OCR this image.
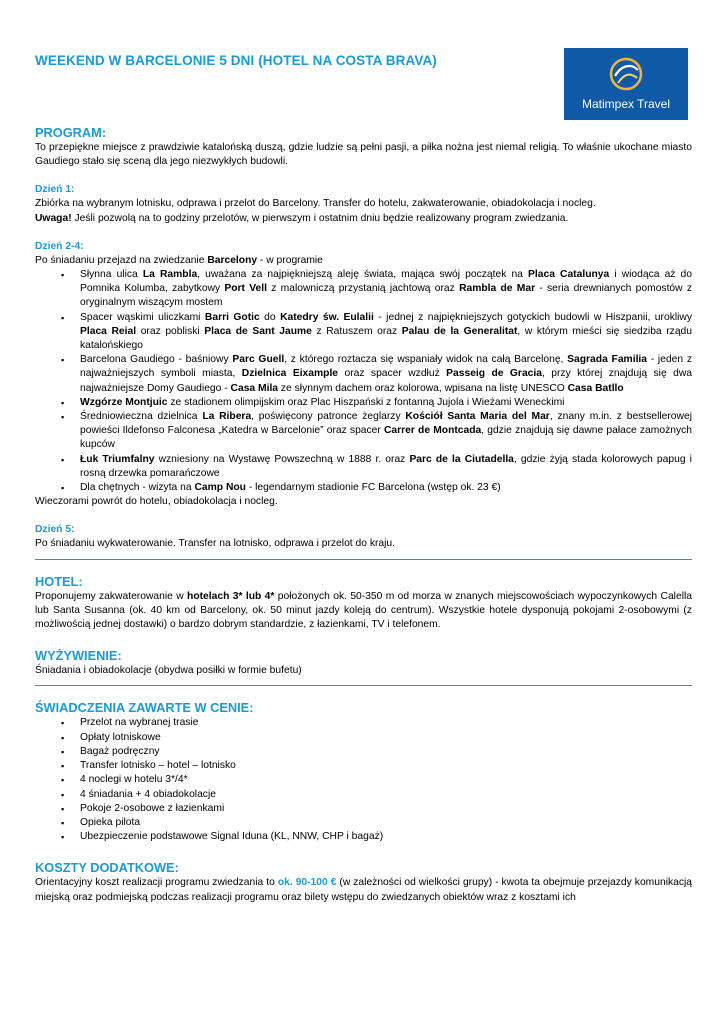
WEEKEND W BARCELONIE 5 DNI (HOTEL NA COSTA BRAVA)
Matimpex Travel
PROGRAM:

To przepiękne miejsce z prawdziwie katalońską duszą, gdzie ludzie są pełni pasji, a piłka nożna jest niemal religią. To właśnie ukochane miasto Gaudiego stało się sceną dla jego niezwykłych budowli.

Dzień 1:

Zbiórka na wybranym lotnisku, odprawa i przelot do Barcelony. Transfer do hotelu, zakwaterowanie, obiadokolacja i nocleg.

Uwaga! Jeśli pozwolą na to godziny przelotów, w pierwszym i ostatnim dniu będzie realizowany program zwiedzania.

Dzień 2-4:

Po śniadaniu przejazd na zwiedzanie Barcelony - w programie

▪ Słynna ulica La Rambla, uważana za najpiękniejszą aleję świata, mająca swój początek na Placa Catalunya i wiodąca aż do Pomnika Kolumba, zabytkowy Port Vell z malowniczą przystanią jachtową oraz Rambla de Mar - seria drewnianych pomostów z oryginalnym wiszącym mostem
▪ Spacer wąskimi uliczkami Barri Gotic do Katedry św. Eulalii - jednej z najpiękniejszych gotyckich budowli w Hiszpanii, urokliwy Placa Reial oraz pobliski Placa de Sant Jaume z Ratuszem oraz Palau de la Generalitat, w którym mieści się siedziba rządu katalońskiego
▪ Barcelona Gaudiego - baśniowy Parc Guell, z którego roztacza się wspaniały widok na całą Barcelonę, Sagrada Familia - jeden z najważniejszych symboli miasta, Dzielnica Eixample oraz spacer wzdłuż Passeig de Gracia, przy której znajdują się dwa najważniejsze Domy Gaudiego - Casa Mila ze słynnym dachem oraz kolorowa, wpisana na listę UNESCO Casa Batllo
▪ Wzgórze Montjuic ze stadionem olimpijskim oraz Plac Hiszpański z fontanną Jujola i Wieżami Weneckimi
▪ Średniowieczna dzielnica La Ribera, poświęcony patronce żeglarzy Kościół Santa Maria del Mar, znany m.in. z bestsellerowej powieści Ildefonso Falconesa „Katedra w Barcelonie” oraz spacer Carrer de Montcada, gdzie znajdują się dawne pałace zamożnych kupców
▪ Łuk Triumfalny wzniesiony na Wystawę Powszechną w 1888 r. oraz Parc de la Ciutadella, gdzie żyją stada kolorowych papug i rosną drzewka pomarańczowe
▪ Dla chętnych - wizyta na Camp Nou - legendarnym stadionie FC Barcelona (wstęp ok. 23 €)

Wieczorami powrót do hotelu, obiadokolacja i nocleg.

Dzień 5:

Po śniadaniu wykwaterowanie. Transfer na lotnisko, odprawa i przelot do kraju.

HOTEL:

Proponujemy zakwaterowanie w hotelach 3* lub 4* położonych ok. 50-350 m od morza w znanych miejscowościach wypoczynkowych Calella lub Santa Susanna (ok. 40 km od Barcelony, ok. 50 minut jazdy koleją do centrum). Wszystkie hotele dysponują pokojami 2-osobowymi (z możliwością jednej dostawki) o bardzo dobrym standardzie, z łazienkami, TV i telefonem.

WYŻYWIENIE:

Śniadania i obiadokolacje (obydwa posiłki w formie bufetu)

ŚWIADCZENIA ZAWARTE W CENIE:
▪ Przelot na wybranej trasie
▪ Opłaty lotniskowe
▪ Bagaż podręczny
▪ Transfer lotnisko – hotel – lotnisko
▪ 4 noclegi w hotelu 3*/4*
▪ 4 śniadania + 4 obiadokolacje
▪ Pokoje 2-osobowe z łazienkami
▪ Opieka pilota
▪ Ubezpieczenie podstawowe Signal Iduna (KL, NNW, CHP i bagaż)
KOSZTY DODATKOWE:

Orientacyjny koszt realizacji programu zwiedzania to ok. 90-100 € (w zależności od wielkości grupy) - kwota ta obejmuje przejazdy komunikacją miejską oraz podmiejską podczas realizacji programu oraz bilety wstępu do zwiedzanych obiektów wraz z kosztami ich
